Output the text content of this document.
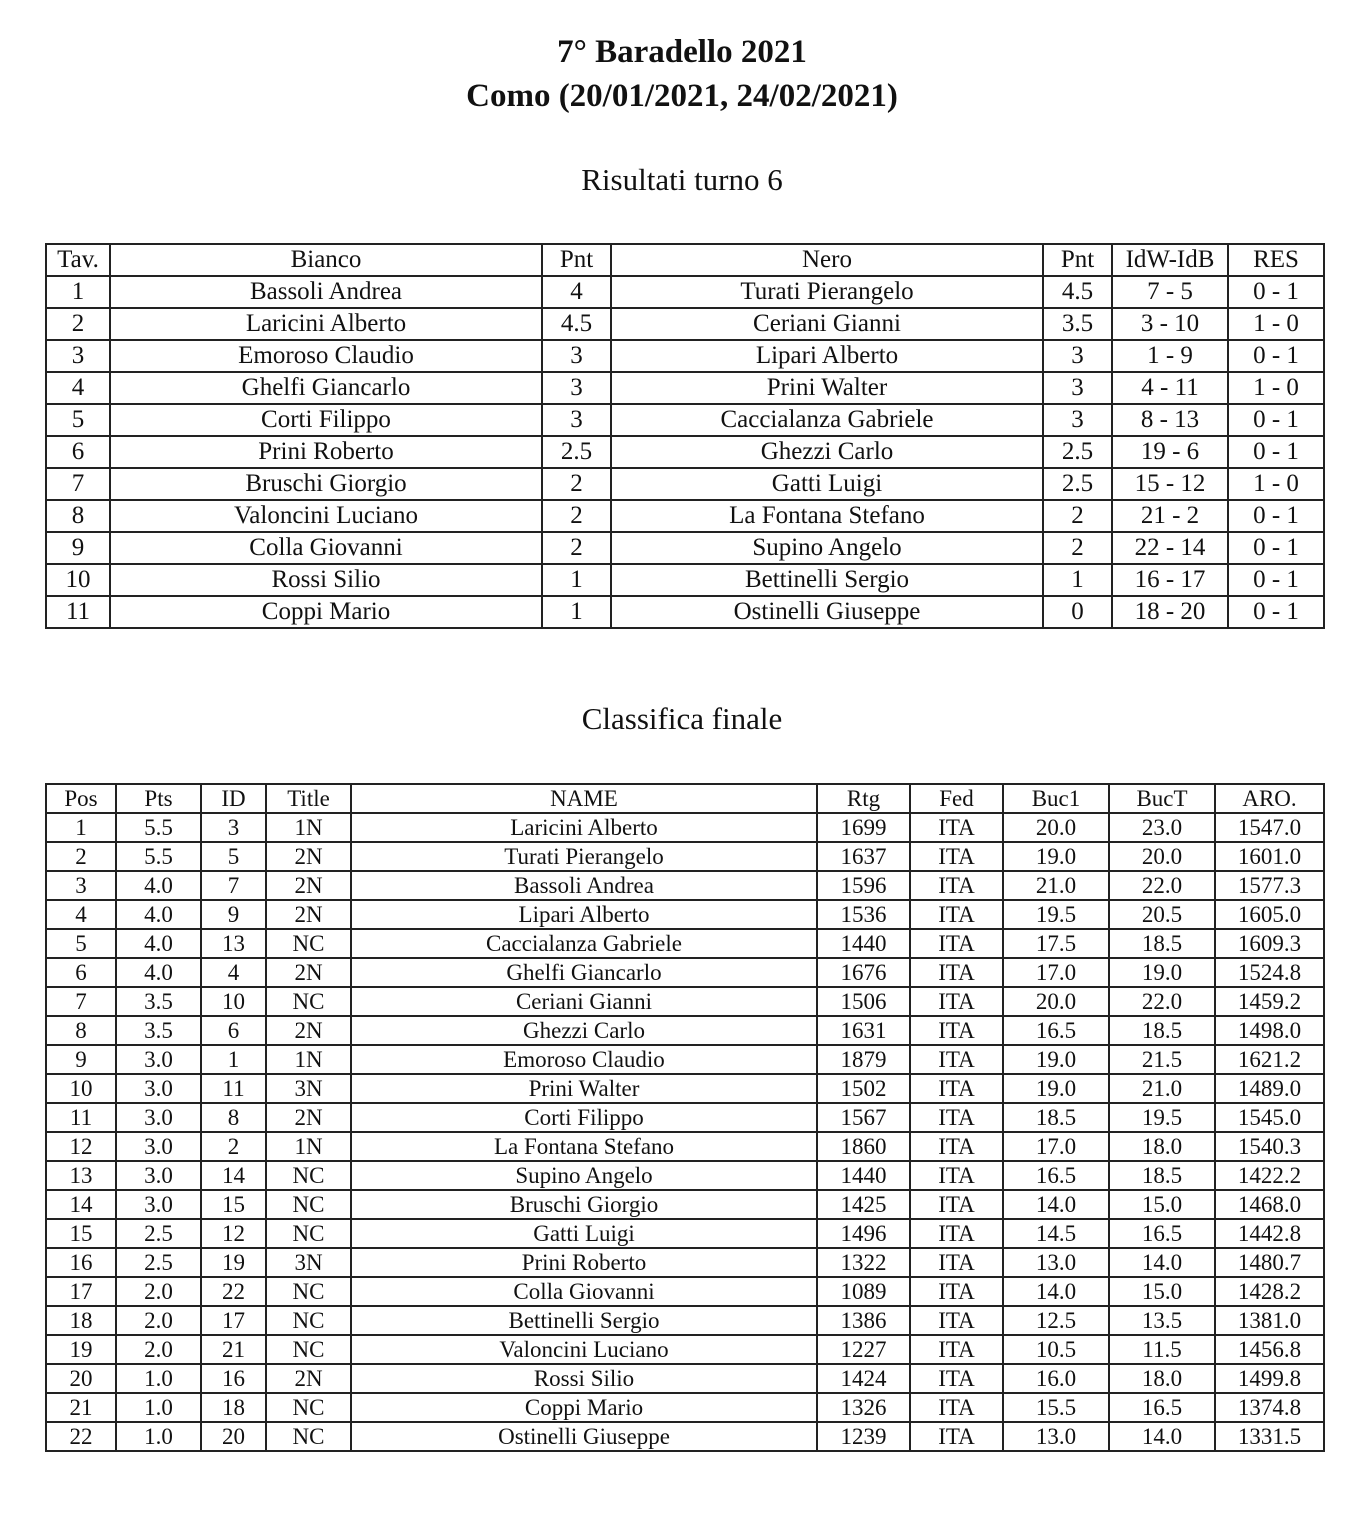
7° Baradello 2021
Como (20/01/2021, 24/02/2021)
Risultati turno 6
Tav.	Bianco	Pnt	Nero	Pnt	IdW-IdB	RES
1	Bassoli Andrea	4	Turati Pierangelo	4.5	7 - 5	0 - 1
2	Laricini Alberto	4.5	Ceriani Gianni	3.5	3 - 10	1 - 0
3	Emoroso Claudio	3	Lipari Alberto	3	1 - 9	0 - 1
4	Ghelfi Giancarlo	3	Prini Walter	3	4 - 11	1 - 0
5	Corti Filippo	3	Caccialanza Gabriele	3	8 - 13	0 - 1
6	Prini Roberto	2.5	Ghezzi Carlo	2.5	19 - 6	0 - 1
7	Bruschi Giorgio	2	Gatti Luigi	2.5	15 - 12	1 - 0
8	Valoncini Luciano	2	La Fontana Stefano	2	21 - 2	0 - 1
9	Colla Giovanni	2	Supino Angelo	2	22 - 14	0 - 1
10	Rossi Silio	1	Bettinelli Sergio	1	16 - 17	0 - 1
11	Coppi Mario	1	Ostinelli Giuseppe	0	18 - 20	0 - 1
Classifica finale
Pos	Pts	ID	Title	NAME	Rtg	Fed	Buc1	BucT	ARO.
1	5.5	3	1N	Laricini Alberto	1699	ITA	20.0	23.0	1547.0
2	5.5	5	2N	Turati Pierangelo	1637	ITA	19.0	20.0	1601.0
3	4.0	7	2N	Bassoli Andrea	1596	ITA	21.0	22.0	1577.3
4	4.0	9	2N	Lipari Alberto	1536	ITA	19.5	20.5	1605.0
5	4.0	13	NC	Caccialanza Gabriele	1440	ITA	17.5	18.5	1609.3
6	4.0	4	2N	Ghelfi Giancarlo	1676	ITA	17.0	19.0	1524.8
7	3.5	10	NC	Ceriani Gianni	1506	ITA	20.0	22.0	1459.2
8	3.5	6	2N	Ghezzi Carlo	1631	ITA	16.5	18.5	1498.0
9	3.0	1	1N	Emoroso Claudio	1879	ITA	19.0	21.5	1621.2
10	3.0	11	3N	Prini Walter	1502	ITA	19.0	21.0	1489.0
11	3.0	8	2N	Corti Filippo	1567	ITA	18.5	19.5	1545.0
12	3.0	2	1N	La Fontana Stefano	1860	ITA	17.0	18.0	1540.3
13	3.0	14	NC	Supino Angelo	1440	ITA	16.5	18.5	1422.2
14	3.0	15	NC	Bruschi Giorgio	1425	ITA	14.0	15.0	1468.0
15	2.5	12	NC	Gatti Luigi	1496	ITA	14.5	16.5	1442.8
16	2.5	19	3N	Prini Roberto	1322	ITA	13.0	14.0	1480.7
17	2.0	22	NC	Colla Giovanni	1089	ITA	14.0	15.0	1428.2
18	2.0	17	NC	Bettinelli Sergio	1386	ITA	12.5	13.5	1381.0
19	2.0	21	NC	Valoncini Luciano	1227	ITA	10.5	11.5	1456.8
20	1.0	16	2N	Rossi Silio	1424	ITA	16.0	18.0	1499.8
21	1.0	18	NC	Coppi Mario	1326	ITA	15.5	16.5	1374.8
22	1.0	20	NC	Ostinelli Giuseppe	1239	ITA	13.0	14.0	1331.5
